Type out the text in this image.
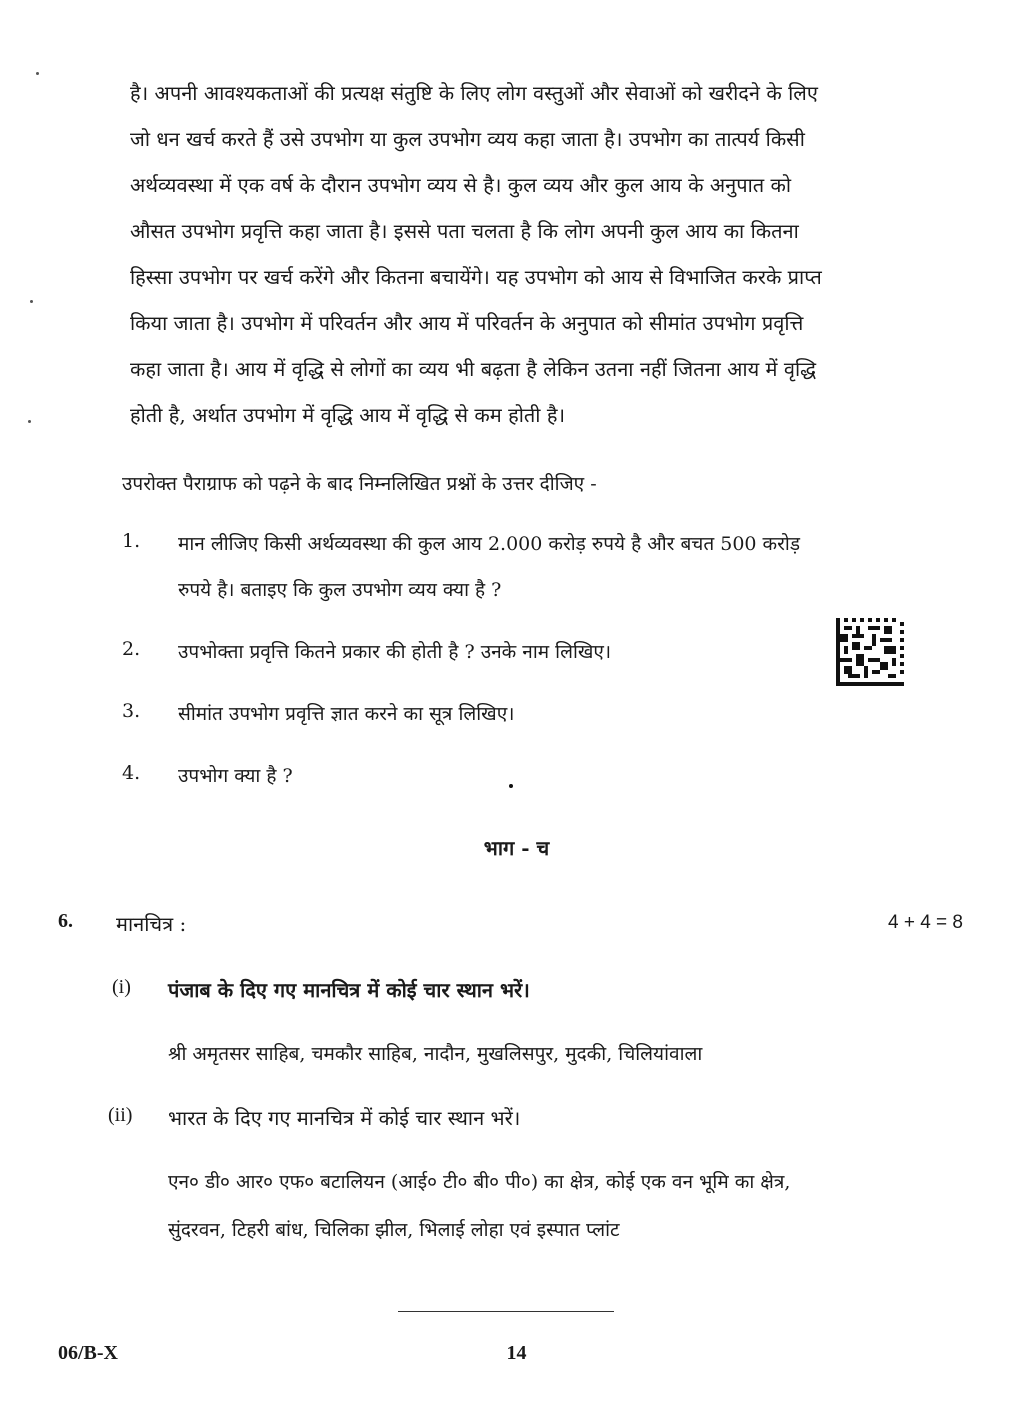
है। अपनी आवश्यकताओं की प्रत्यक्ष संतुष्टि के लिए लोग वस्तुओं और सेवाओं को खरीदने के लिए
जो धन खर्च करते हैं उसे उपभोग या कुल उपभोग व्यय कहा जाता है। उपभोग का तात्पर्य किसी
अर्थव्यवस्था में एक वर्ष के दौरान उपभोग व्यय से है। कुल व्यय और कुल आय के अनुपात को
औसत उपभोग प्रवृत्ति कहा जाता है। इससे पता चलता है कि लोग अपनी कुल आय का कितना
हिस्सा उपभोग पर खर्च करेंगे और कितना बचायेंगे। यह उपभोग को आय से विभाजित करके प्राप्त
किया जाता है। उपभोग में परिवर्तन और आय में परिवर्तन के अनुपात को सीमांत उपभोग प्रवृत्ति
कहा जाता है। आय में वृद्धि से लोगों का व्यय भी बढ़ता है लेकिन उतना नहीं जितना आय में वृद्धि
होती है, अर्थात उपभोग में वृद्धि आय में वृद्धि से कम होती है।
उपरोक्त पैराग्राफ को पढ़ने के बाद निम्नलिखित प्रश्नों के उत्तर दीजिए -
1. मान लीजिए किसी अर्थव्यवस्था की कुल आय 2.000 करोड़ रुपये है और बचत 500 करोड़
रुपये है। बताइए कि कुल उपभोग व्यय क्या है ?
2. उपभोक्ता प्रवृत्ति कितने प्रकार की होती है ? उनके नाम लिखिए।
3. सीमांत उपभोग प्रवृत्ति ज्ञात करने का सूत्र लिखिए।
4. उपभोग क्या है ?
भाग - च
6. मानचित्र :	4 + 4 = 8
(i) पंजाब के दिए गए मानचित्र में कोई चार स्थान भरें।
श्री अमृतसर साहिब, चमकौर साहिब, नादौन, मुखलिसपुर, मुदकी, चिलियांवाला
(ii) भारत के दिए गए मानचित्र में कोई चार स्थान भरें।
एन० डी० आर० एफ० बटालियन (आई० टी० बी० पी०) का क्षेत्र, कोई एक वन भूमि का क्षेत्र,
सुंदरवन, टिहरी बांध, चिलिका झील, भिलाई लोहा एवं इस्पात प्लांट
06/B-X	14
